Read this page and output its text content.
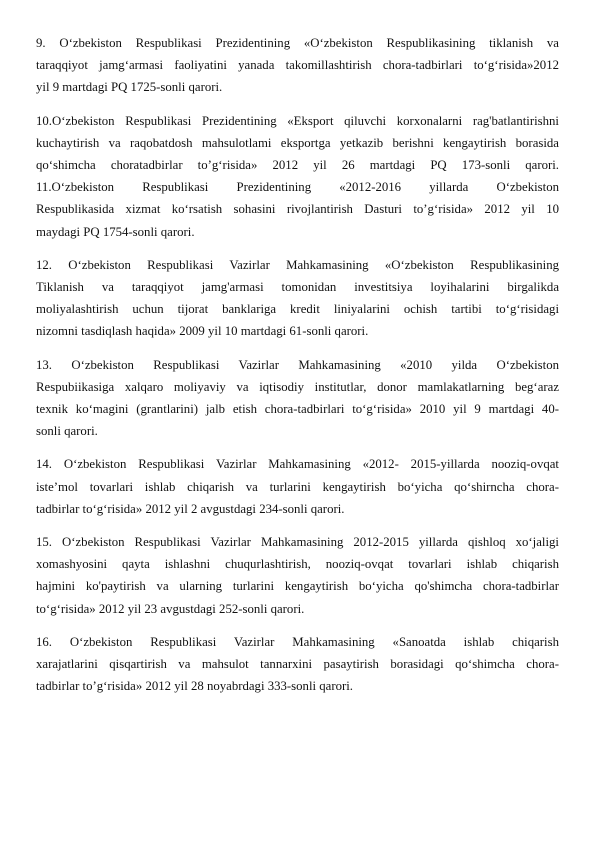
9. O‘zbekiston Respublikasi Prezidentining «O‘zbekiston Respublikasining tiklanish va
taraqqiyot jamg‘armasi faoliyatini yanada takomillashtirish chora-tadbirlari to‘g‘risida»2012
yil 9 martdagi PQ 1725-sonli qarori.

10.O‘zbekiston Respublikasi Prezidentining «Eksport qiluvchi korxonalarni rag'batlantirishni
kuchaytirish va raqobatdosh mahsulotlami eksportga yetkazib berishni kengaytirish borasida
qo‘shimcha choratadbirlar to’g‘risida» 2012 yil 26 martdagi PQ 173-sonli qarori.
11.O‘zbekiston Respublikasi Prezidentining «2012-2016 yillarda O‘zbekiston
Respublikasida xizmat ko‘rsatish sohasini rivojlantirish Dasturi to’g‘risida» 2012 yil 10
maydagi PQ 1754-sonli qarori.

12. O‘zbekiston Respublikasi Vazirlar Mahkamasining «O‘zbekiston Respublikasining
Tiklanish va taraqqiyot jamg'armasi tomonidan investitsiya loyihalarini birgalikda
moliyalashtirish uchun tijorat banklariga kredit liniyalarini ochish tartibi to‘g‘risidagi
nizomni tasdiqlash haqida» 2009 yil 10 martdagi 61-sonli qarori.

13. O‘zbekiston Respublikasi Vazirlar Mahkamasining «2010 yilda O‘zbekiston
Respubiikasiga xalqaro moliyaviy va iqtisodiy institutlar, donor mamlakatlarning beg‘araz
texnik ko‘magini (grantlarini) jalb etish chora-tadbirlari to‘g‘risida» 2010 yil 9 martdagi 40-
sonli qarori.

14. O‘zbekiston Respublikasi Vazirlar Mahkamasining «2012- 2015-yillarda nooziq-ovqat
iste’mol tovarlari ishlab chiqarish va turlarini kengaytirish bo‘yicha qo‘shirncha chora-
tadbirlar to‘g‘risida» 2012 yil 2 avgustdagi 234-sonli qarori.

15. O‘zbekiston Respublikasi Vazirlar Mahkamasining 2012-2015 yillarda qishloq xo‘jaligi
xomashyosini qayta ishlashni chuqurlashtirish, nooziq-ovqat tovarlari ishlab chiqarish
hajmini ko'paytirish va ularning turlarini kengaytirish bo‘yicha qo'shimcha chora-tadbirlar
to‘g‘risida» 2012 yil 23 avgustdagi 252-sonli qarori.

16. O‘zbekiston Respublikasi Vazirlar Mahkamasining «Sanoatda ishlab chiqarish
xarajatlarini qisqartirish va mahsulot tannarxini pasaytirish borasidagi qo‘shimcha chora-
tadbirlar to’g‘risida» 2012 yil 28 noyabrdagi 333-sonli qarori.
